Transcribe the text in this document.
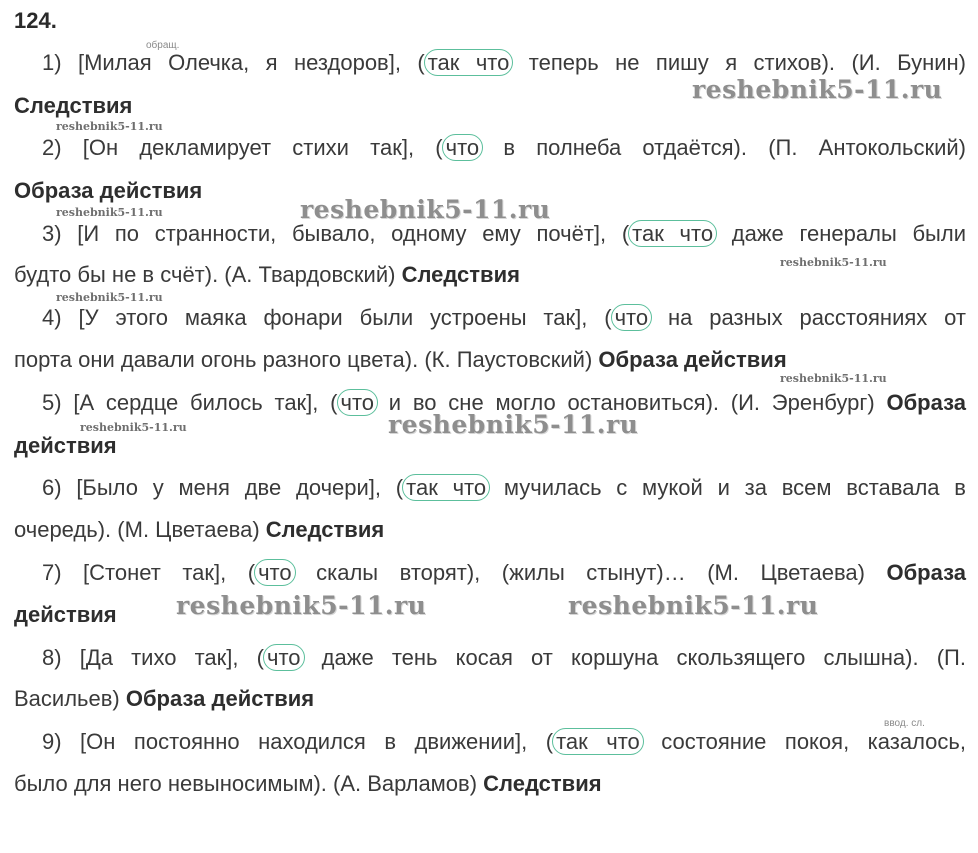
124.
обращ.
ввод. сл.
1) [Милая Олечка, я нездоров], ( так что теперь не пишу я стихов). (И. Бунин)
Следствия
2) [Он декламирует стихи так], ( что в полнеба отдаётся). (П. Антокольский)
Образа действия
3) [И по странности, бывало, одному ему почёт], ( так что даже генералы были
будто бы не в счёт). (А. Твардовский) Следствия
4) [У этого маяка фонари были устроены так], ( что на разных расстояниях от
порта они давали огонь разного цвета). (К. Паустовский) Образа действия
5) [А сердце билось так], ( что и во сне могло остановиться). (И. Эренбург) Образа
действия
6) [Было у меня две дочери], ( так что мучилась с мукой и за всем вставала в
очередь). (М. Цветаева) Следствия
7) [Стонет так], ( что скалы вторят), (жилы стынут)… (М. Цветаева) Образа
действия
8) [Да тихо так], ( что даже тень косая от коршуна скользящего слышна). (П.
Васильев) Образа действия
9) [Он постоянно находился в движении], ( так что состояние покоя, казалось,
было для него невыносимым). (А. Варламов) Следствия
reshebnik5-11.ru
reshebnik5-11.ru
reshebnik5-11.ru
reshebnik5-11.ru
reshebnik5-11.ru
reshebnik5-11.ru
reshebnik5-11.ru
reshebnik5-11.ru
reshebnik5-11.ru
reshebnik5-11.ru	reshebnik5-11.ru
